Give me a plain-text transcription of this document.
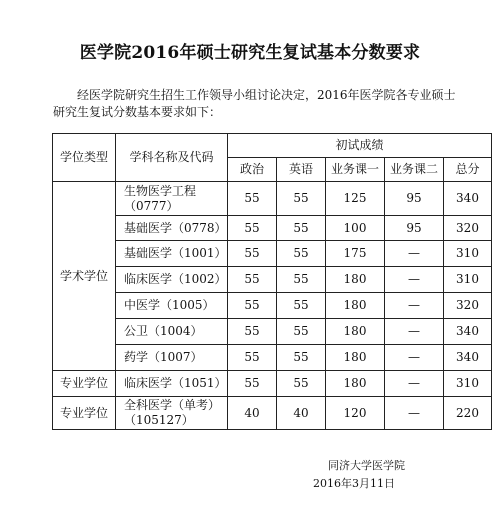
医学院2016年硕士研究生复试基本分数要求
经医学院研究生招生工作领导小组讨论决定，2016年医学院各专业硕士研究生复试分数基本要求如下：
学位类型	学科名称及代码	初试成绩				
		政治	英语	业务课一	业务课二	总分
学术学位	生物医学工程
（0777）	55	55	125	95	340
	基础医学（0778）	55	55	100	95	320
	基础医学（1001）	55	55	175	—	310
	临床医学（1002）	55	55	180	—	310
	中医学（1005）	55	55	180	—	320
	公卫（1004）	55	55	180	—	340
	药学（1007）	55	55	180	—	340
专业学位	临床医学（1051）	55	55	180	—	310
专业学位	全科医学（单考）
（105127）	40	40	120	—	220
同济大学医学院
2016年3月11日
